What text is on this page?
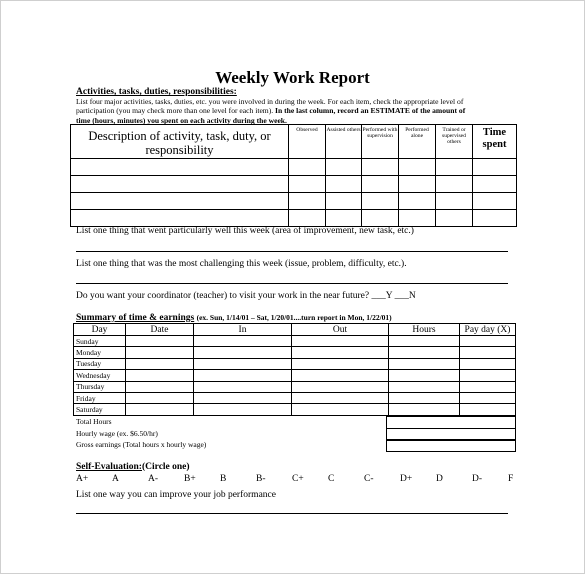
Weekly Work Report
Activities, tasks, duties, responsibilities:
List four major activities, tasks, duties, etc. you were involved in during the week. For each item, check the appropriate level of
participation (you may check more than one level for each item). In the last column, record an ESTIMATE of the amount of
time (hours, minutes) you spent on each activity during the week.
Description of activity, task, duty, or responsibility	Observed	Assisted others	Performed with supervision	Performed alone	Trained or supervised others	Time spent

List one thing that went particularly well this week (area of improvement, new task, etc.)
List one thing that was the most challenging this week (issue, problem, difficulty, etc.).
Do you want your coordinator (teacher) to visit your work in the near future? ___Y ___N
Summary of time & earnings (ex. Sun, 1/14/01 – Sat, 1/20/01....turn report in Mon, 1/22/01)
Day	Date	In	Out	Hours	Pay day (X)
Sunday					
Monday					
Tuesday					
Wednesday					
Thursday					
Friday					
Saturday					
Total Hours
Hourly wage (ex. $6.50/hr)
Gross earnings (Total hours x hourly wage)
Self-Evaluation:(Circle one)
A+	A	A-	B+	B	B-	C+	C	C-	D+	D	D-	F
List one way you can improve your job performance
